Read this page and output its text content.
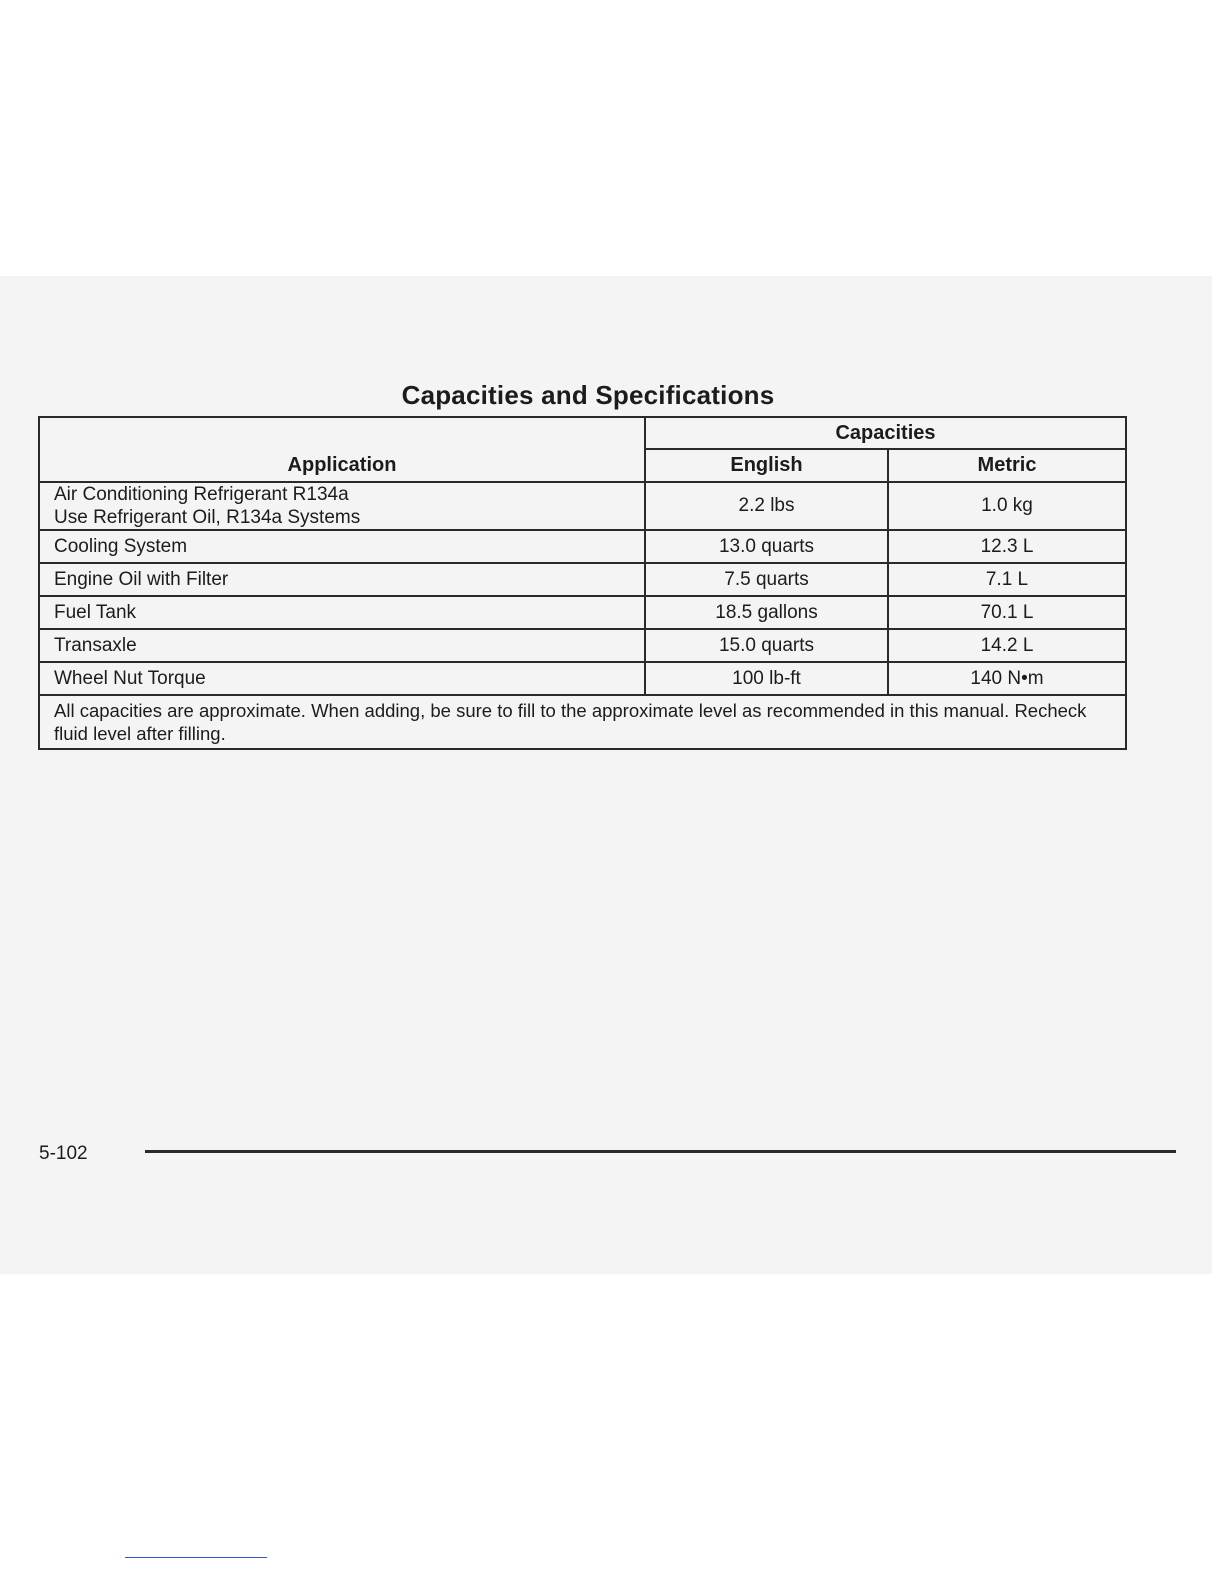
Capacities and Specifications
Application	Capacities	
	English	Metric

Air Conditioning Refrigerant R134a
Use Refrigerant Oil, R134a Systems	2.2 lbs	1.0 kg
Cooling System	13.0 quarts	12.3 L
Engine Oil with Filter	7.5 quarts	7.1 L
Fuel Tank	18.5 gallons	70.1 L
Transaxle	15.0 quarts	14.2 L
Wheel Nut Torque	100 lb-ft	140 N•m
All capacities are approximate. When adding, be sure to fill to the approximate level as recommended in this manual. Recheck fluid level after filling.		
5-102
